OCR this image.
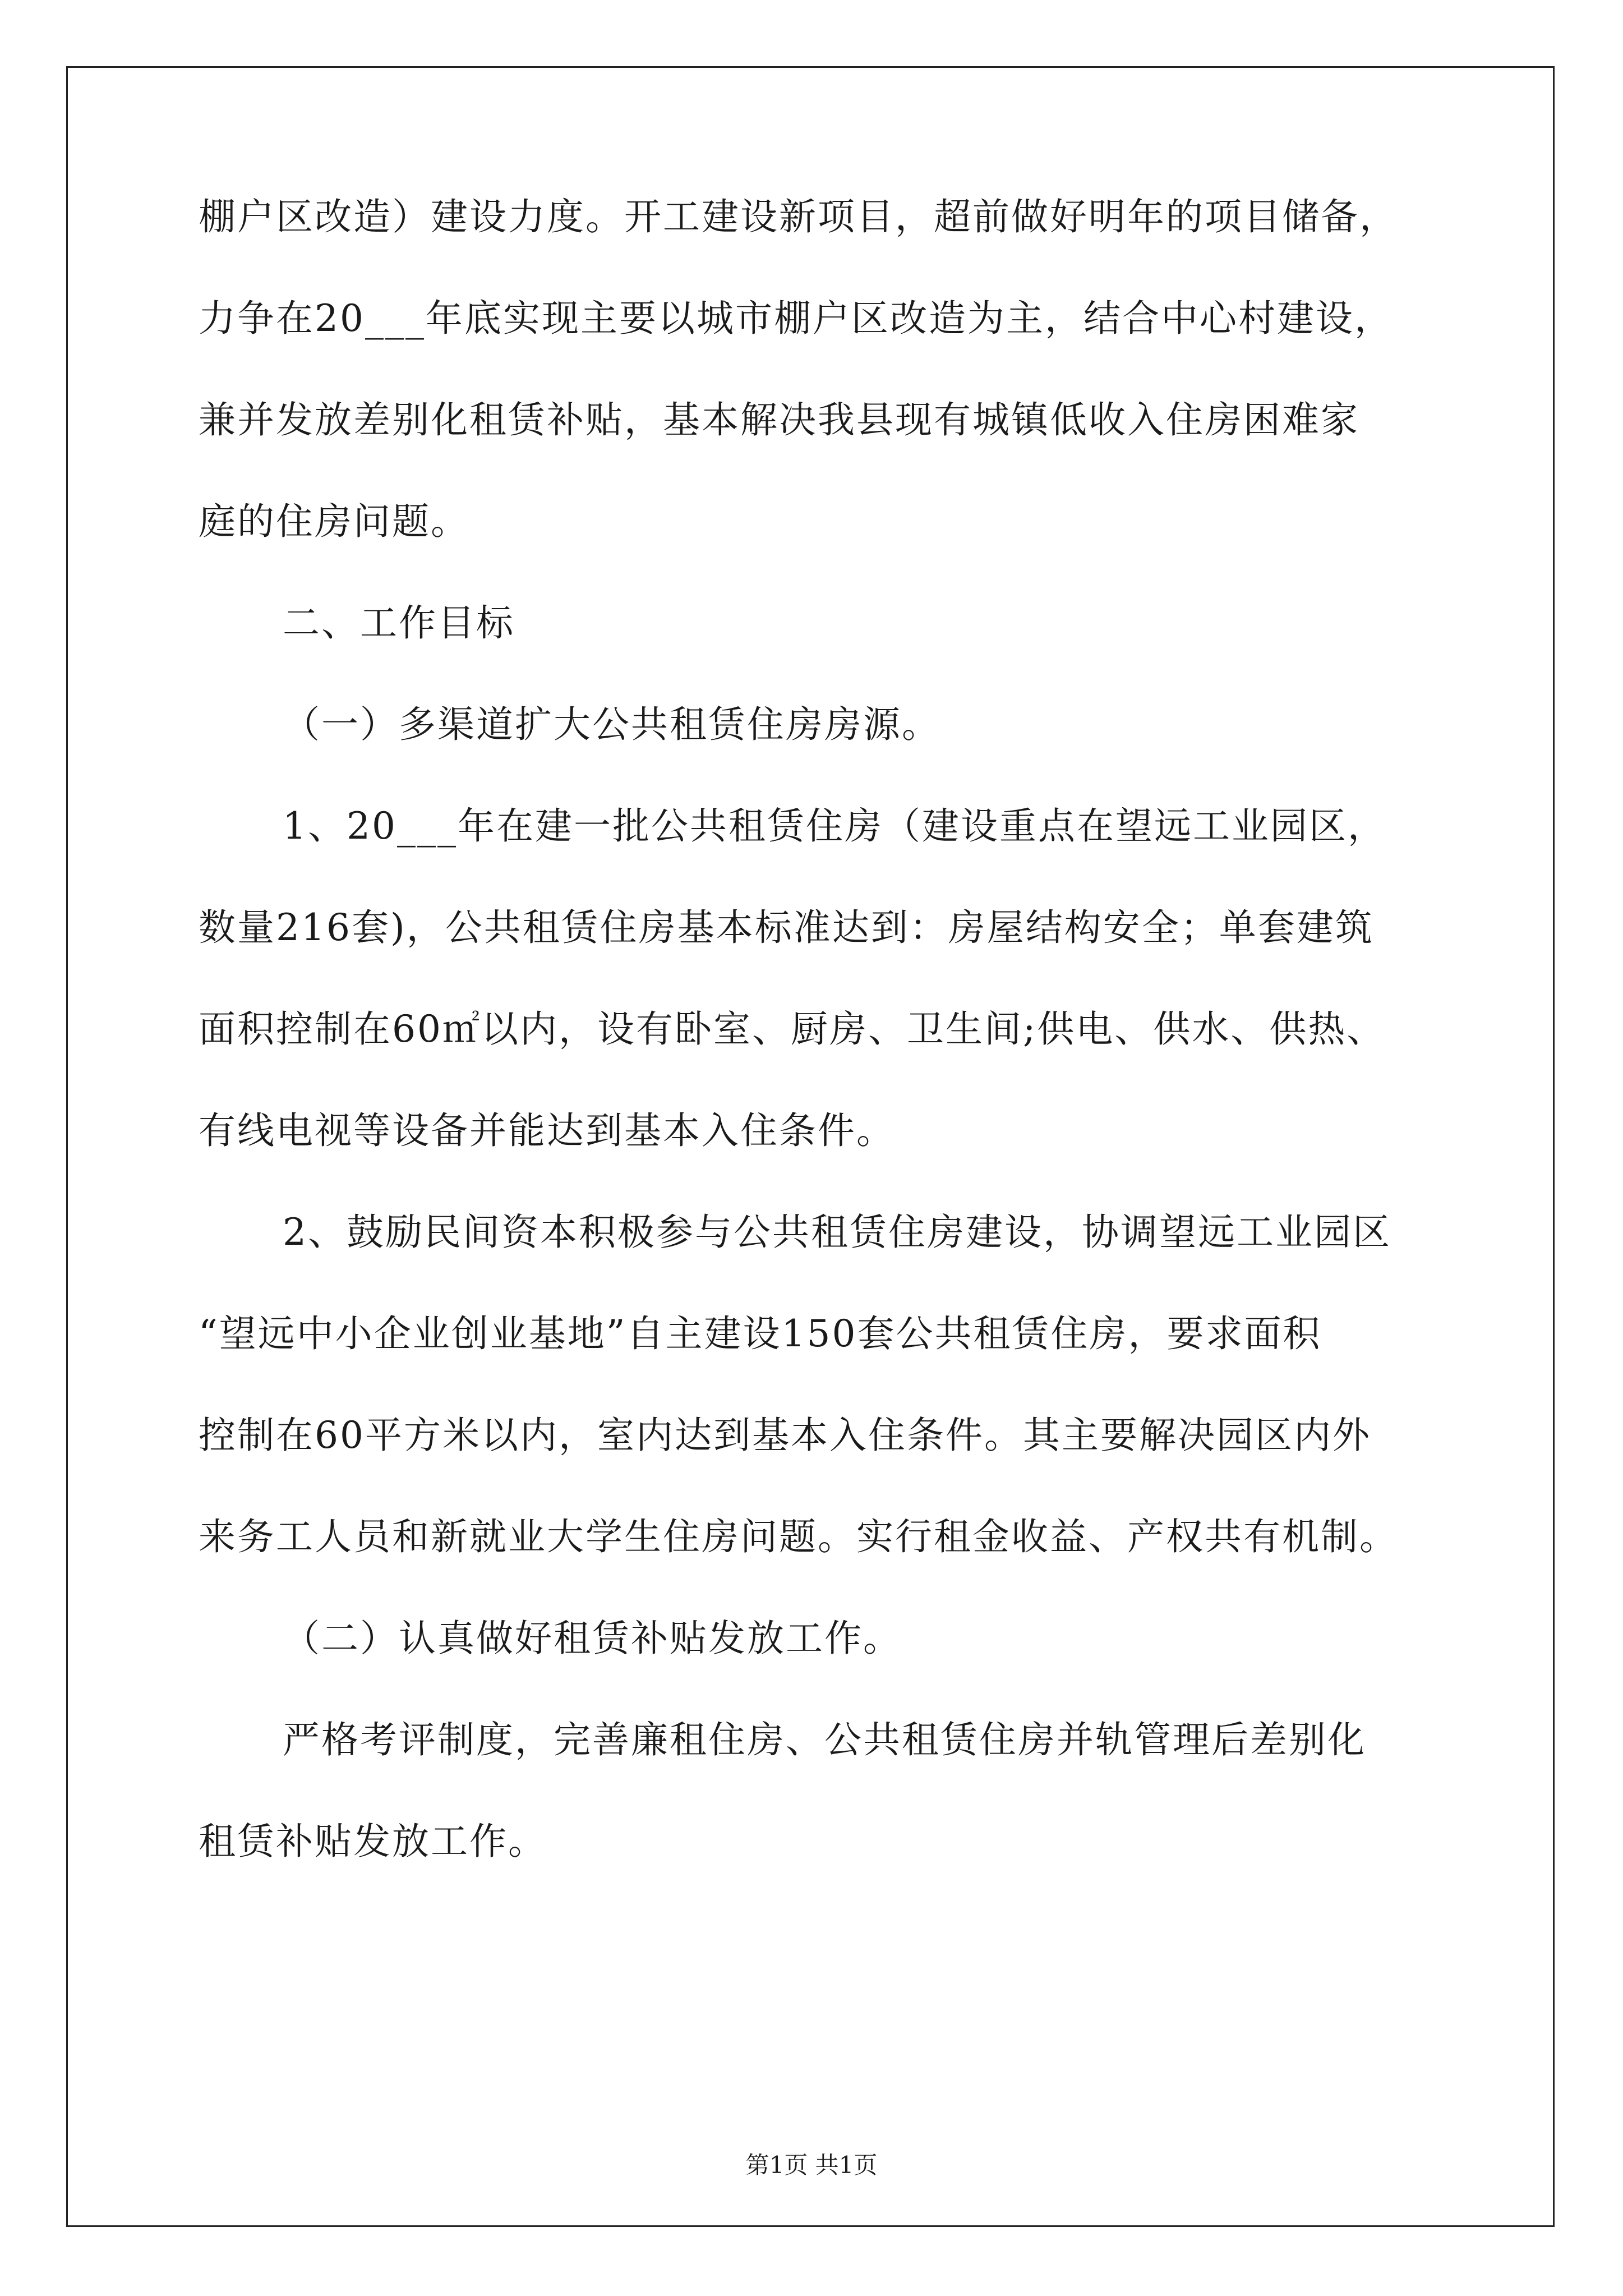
棚户区改造）建设力度。开工建设新项目，超前做好明年的项目储备，
力争在20___年底实现主要以城市棚户区改造为主，结合中心村建设，
兼并发放差别化租赁补贴，基本解决我县现有城镇低收入住房困难家
庭的住房问题。
二、工作目标
（一）多渠道扩大公共租赁住房房源。
1、20___年在建一批公共租赁住房（建设重点在望远工业园区，
数量216套)，公共租赁住房基本标准达到：房屋结构安全；单套建筑
面积控制在60㎡以内，设有卧室、厨房、卫生间;供电、供水、供热、
有线电视等设备并能达到基本入住条件。
2、鼓励民间资本积极参与公共租赁住房建设，协调望远工业园区
“望远中小企业创业基地”自主建设150套公共租赁住房，要求面积
控制在60平方米以内，室内达到基本入住条件。其主要解决园区内外
来务工人员和新就业大学生住房问题。实行租金收益、产权共有机制。
（二）认真做好租赁补贴发放工作。
严格考评制度，完善廉租住房、公共租赁住房并轨管理后差别化
租赁补贴发放工作。
第1页 共1页
